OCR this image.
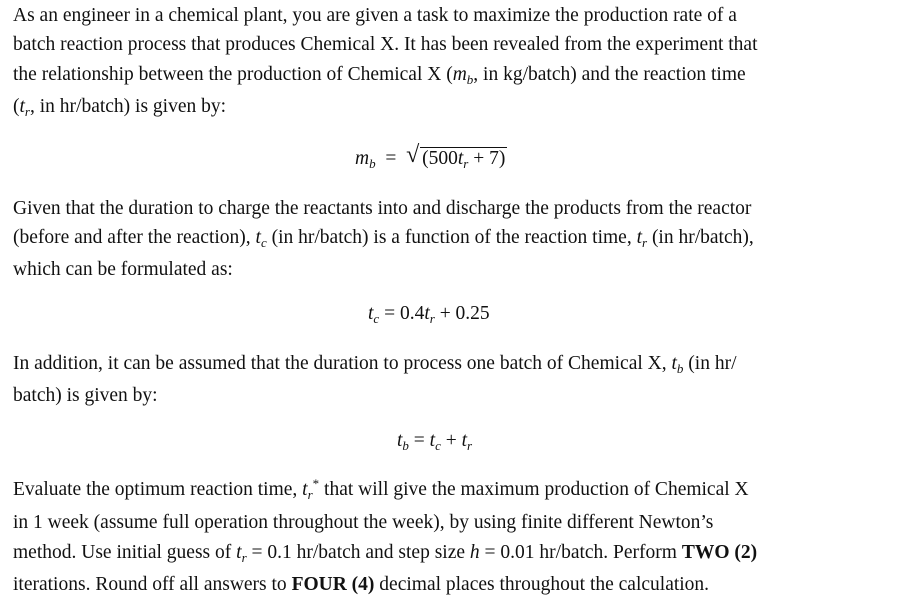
As an engineer in a chemical plant, you are given a task to maximize the production rate of a
batch reaction process that produces Chemical X. It has been revealed from the experiment that
the relationship between the production of Chemical X ($m_b$, in kg/batch) and the reaction time
($t_r$, in hr/batch) is given by:
$m_b$ = √ $(500t_r + 7)$
Given that the duration to charge the reactants into and discharge the products from the reactor
(before and after the reaction), $t_c$ (in hr/batch) is a function of the reaction time, $t_r$ (in hr/batch),
which can be formulated as:
$t_c = 0.4t_r + 0.25$
In addition, it can be assumed that the duration to process one batch of Chemical X, $t_b$ (in hr/
batch) is given by:
$t_b = t_c + t_r$
Evaluate the optimum reaction time, $t_r^*$ that will give the maximum production of Chemical X
in 1 week (assume full operation throughout the week), by using finite different Newton’s
method. Use initial guess of $t_r = 0.1$ hr/batch and step size h = 0.01 hr/batch. Perform TWO (2)
iterations. Round off all answers to FOUR (4) decimal places throughout the calculation.
